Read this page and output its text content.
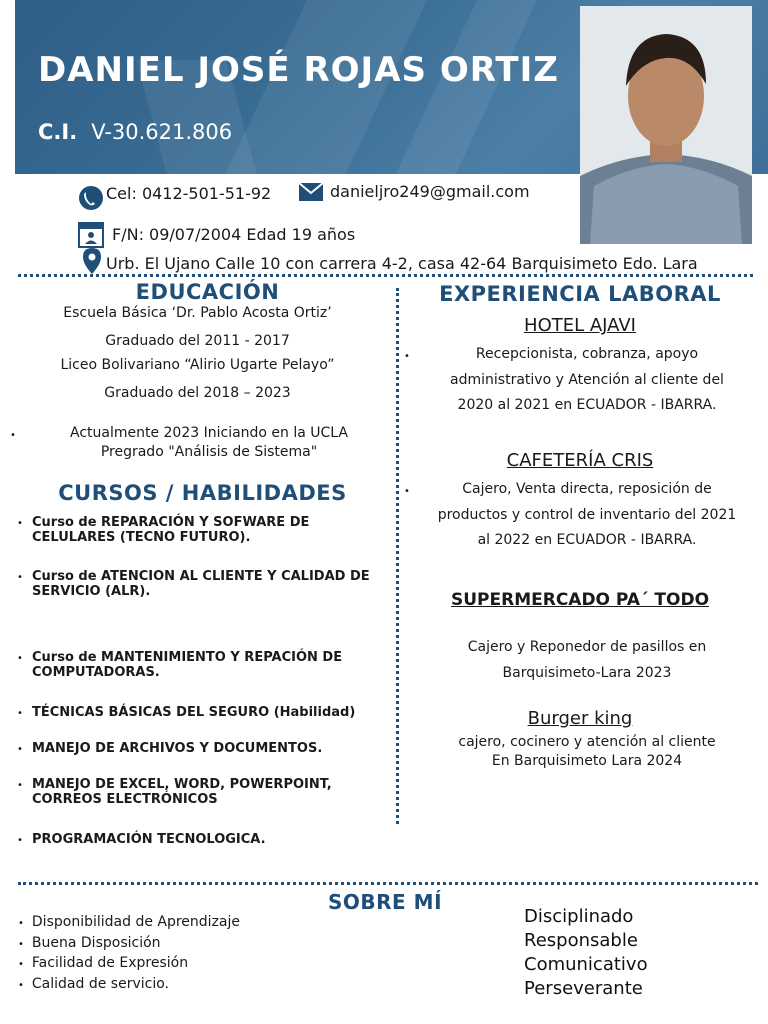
DANIEL JOSÉ ROJAS ORTIZ
C.I. V-30.621.806
Cel: 0412-501-51-92	danieljro249@gmail.com
F/N: 09/07/2004 Edad 19 años
Urb. El Ujano Calle 10 con carrera 4-2, casa 42-64 Barquisimeto Edo. Lara
EDUCACIÓN
Escuela Básica ‘Dr. Pablo Acosta Ortiz’
Graduado del 2011 - 2017
Liceo Bolivariano “Alirio Ugarte Pelayo”
Graduado del 2018 – 2023
•	Actualmente 2023 Iniciando en la UCLA
Pregrado "Análisis de Sistema"
CURSOS / HABILIDADES
• Curso de REPARACIÓN Y SOFWARE DE
CELULARES (TECNO FUTURO).
• Curso de ATENCION AL CLIENTE Y CALIDAD DE
SERVICIO (ALR).
• Curso de MANTENIMIENTO Y REPACIÓN DE
COMPUTADORAS.
• TÉCNICAS BÁSICAS DEL SEGURO (Habilidad)
• MANEJO DE ARCHIVOS Y DOCUMENTOS.
• MANEJO DE EXCEL, WORD, POWERPOINT,
CORREOS ELECTRÓNICOS
• PROGRAMACIÓN TECNOLOGICA.
EXPERIENCIA LABORAL
HOTEL AJAVI
•	Recepcionista, cobranza, apoyo
administrativo y Atención al cliente del
2020 al 2021 en ECUADOR - IBARRA.
CAFETERÍA CRIS
•	Cajero, Venta directa, reposición de
productos y control de inventario del 2021
al 2022 en ECUADOR - IBARRA.
SUPERMERCADO PA´ TODO
Cajero y Reponedor de pasillos en
Barquisimeto-Lara 2023
Burger king
cajero, cocinero y atención al cliente
En Barquisimeto Lara 2024
SOBRE MÍ
• Disponibilidad de Aprendizaje
• Buena Disposición
• Facilidad de Expresión
• Calidad de servicio.
Disciplinado
Responsable
Comunicativo
Perseverante
